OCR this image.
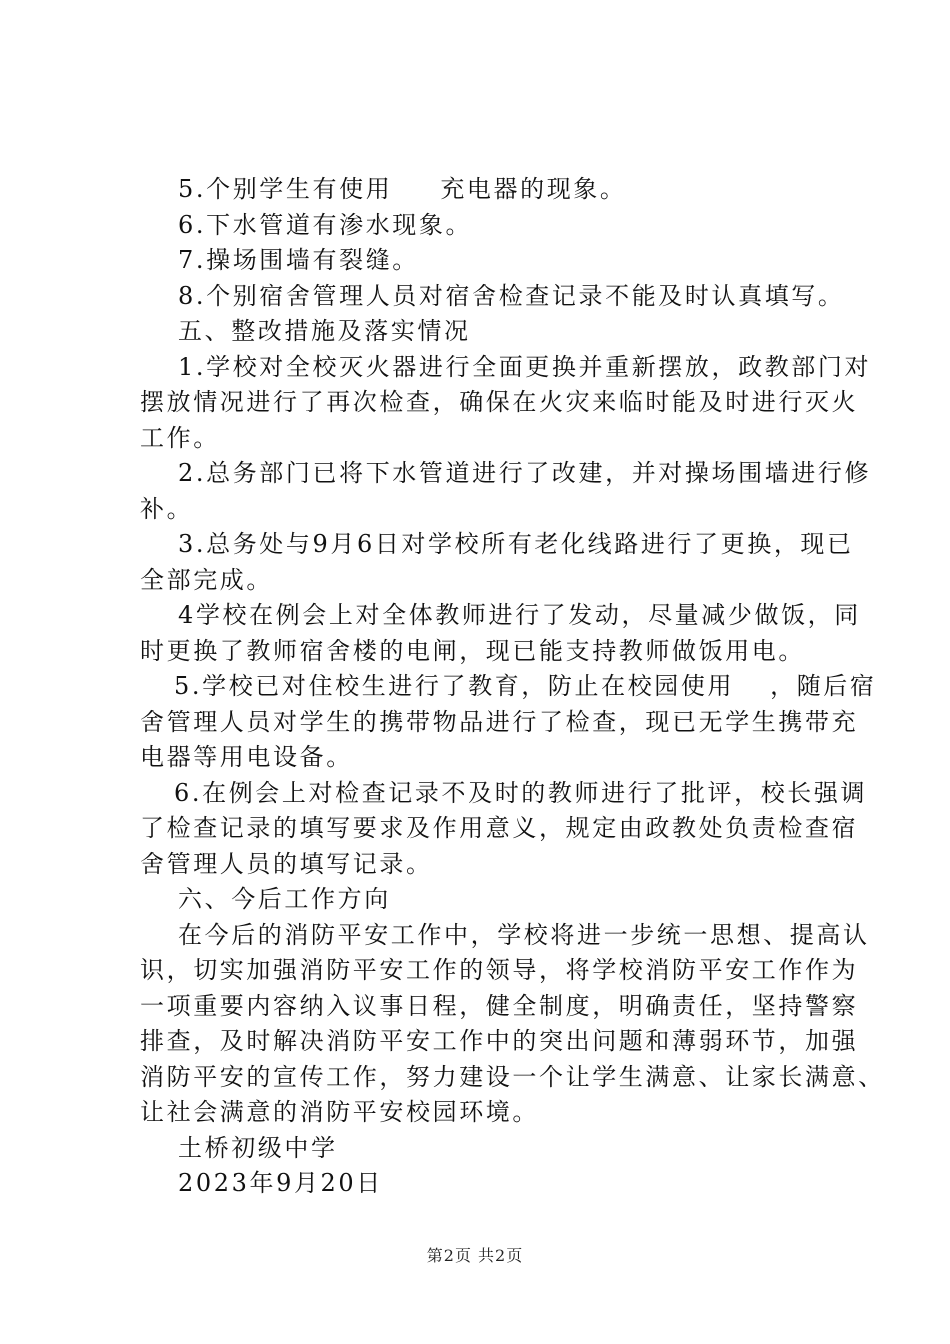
5.个别学生有使用 充电器的现象。
6.下水管道有渗水现象。
7.操场围墙有裂缝。
8.个别宿舍管理人员对宿舍检查记录不能及时认真填写。
五、整改措施及落实情况
1.学校对全校灭火器进行全面更换并重新摆放，政教部门对
摆放情况进行了再次检查，确保在火灾来临时能及时进行灭火
工作。
2.总务部门已将下水管道进行了改建，并对操场围墙进行修
补。
3.总务处与9月6日对学校所有老化线路进行了更换，现已
全部完成。
4学校在例会上对全体教师进行了发动，尽量减少做饭，同
时更换了教师宿舍楼的电闸，现已能支持教师做饭用电。
5.学校已对住校生进行了教育，防止在校园使用 ，随后宿
舍管理人员对学生的携带物品进行了检查，现已无学生携带充
电器等用电设备。
6.在例会上对检查记录不及时的教师进行了批评，校长强调
了检查记录的填写要求及作用意义，规定由政教处负责检查宿
舍管理人员的填写记录。
六、今后工作方向
在今后的消防平安工作中，学校将进一步统一思想、提高认
识，切实加强消防平安工作的领导，将学校消防平安工作作为
一项重要内容纳入议事日程，健全制度，明确责任，坚持警察
排查，及时解决消防平安工作中的突出问题和薄弱环节，加强
消防平安的宣传工作，努力建设一个让学生满意、让家长满意、
让社会满意的消防平安校园环境。
土桥初级中学
2023年9月20日
第2页 共2页
